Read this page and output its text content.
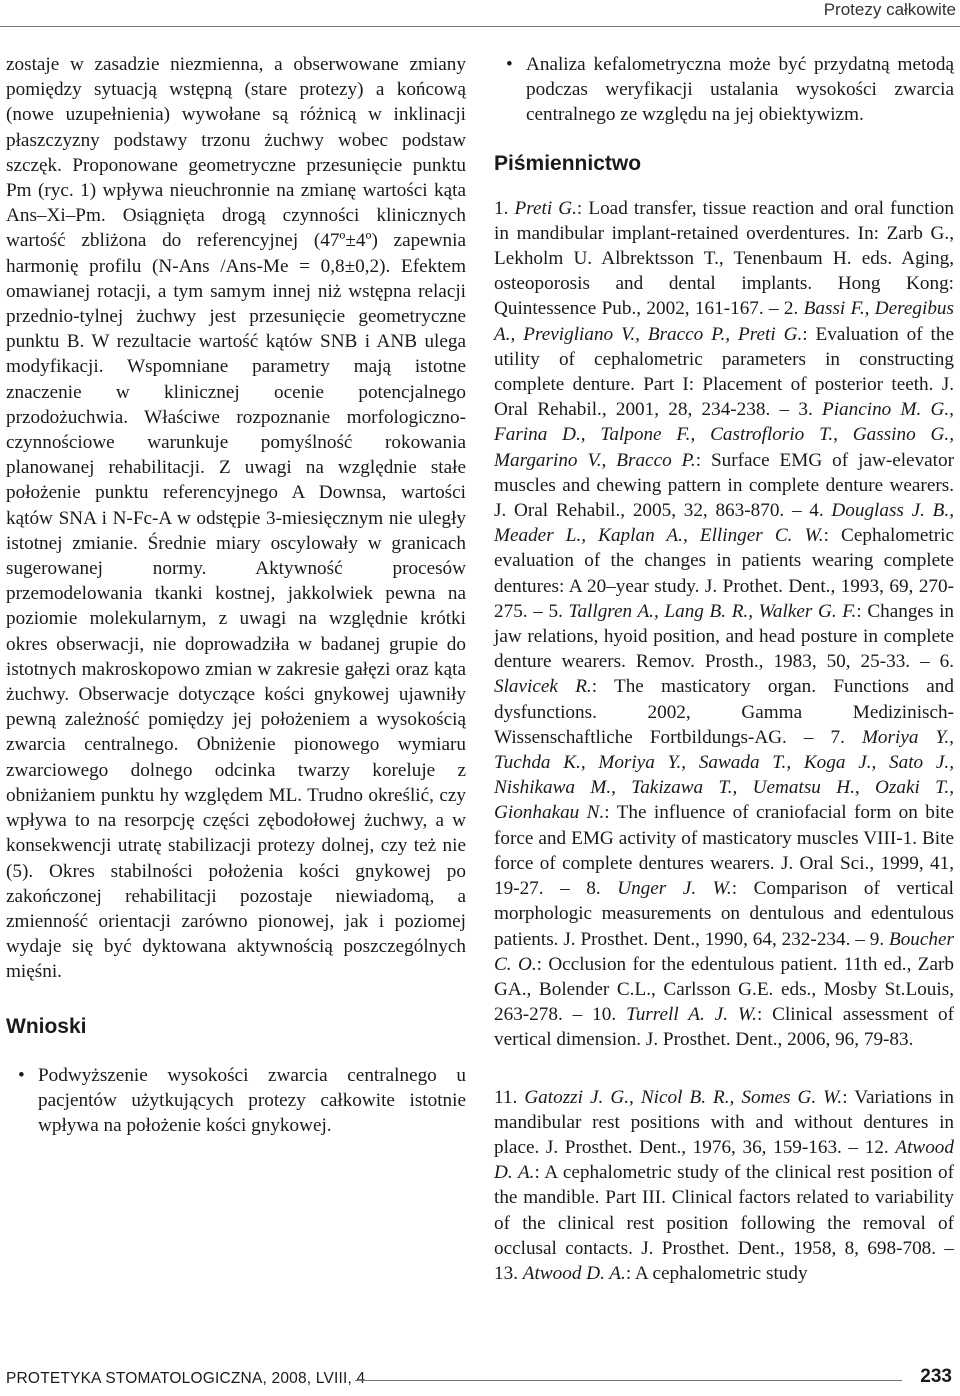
Protezy całkowite

zostaje w zasadzie niezmienna, a obserwowane zmiany pomiędzy sytuacją wstępną (stare protezy) a końcową (nowe uzupełnienia) wywołane są różnicą w inklinacji płaszczyzny podstawy trzonu żuchwy wobec podstaw szczęk. Proponowane geometryczne przesunięcie punktu Pm (ryc. 1) wpływa nieuchronnie na zmianę wartości kąta Ans–Xi–Pm. Osiągnięta drogą czynności klinicznych wartość zbliżona do referencyjnej (47º±4º) zapewnia harmonię profilu (N-Ans /Ans-Me = 0,8±0,2). Efektem omawianej rotacji, a tym samym innej niż wstępna relacji przednio-tylnej żuchwy jest przesunięcie geometryczne punktu B. W rezultacie wartość kątów SNB i ANB ulega modyfikacji. Wspomniane parametry mają istotne znaczenie w klinicznej ocenie potencjalnego przodożuchwia. Właściwe rozpoznanie morfologiczno-czynnościowe warunkuje pomyślność rokowania planowanej rehabilitacji. Z uwagi na względnie stałe położenie punktu referencyjnego A Downsa, wartości kątów SNA i N-Fc-A w odstępie 3-miesięcznym nie uległy istotnej zmianie. Średnie miary oscylowały w granicach sugerowanej normy. Aktywność procesów przemodelowania tkanki kostnej, jakkolwiek pewna na poziomie molekularnym, z uwagi na względnie krótki okres obserwacji, nie doprowadziła w badanej grupie do istotnych makroskopowo zmian w zakresie gałęzi oraz kąta żuchwy. Obserwacje dotyczące kości gnykowej ujawniły pewną zależność pomiędzy jej położeniem a wysokością zwarcia centralnego. Obniżenie pionowego wymiaru zwarciowego dolnego odcinka twarzy koreluje z obniżaniem punktu hy względem ML. Trudno określić, czy wpływa to na resorpcję części zębodołowej żuchwy, a w konsekwencji utratę stabilizacji protezy dolnej, czy też nie (5). Okres stabilności położenia kości gnykowej po zakończonej rehabilitacji pozostaje niewiadomą, a zmienność orientacji zarówno pionowej, jak i poziomej wydaje się być dyktowana aktywnością poszczególnych mięśni.

Wnioski
• Podwyższenie wysokości zwarcia centralnego u pacjentów użytkujących protezy całkowite istotnie wpływa na położenie kości gnykowej.
• Analiza kefalometryczna może być przydatną metodą podczas weryfikacji ustalania wysokości zwarcia centralnego ze względu na jej obiektywizm.
Piśmiennictwo

1. Preti G.: Load transfer, tissue reaction and oral function in mandibular implant-retained overdentures. In: Zarb G., Lekholm U. Albrektsson T., Tenenbaum H. eds. Aging, osteoporosis and dental implants. Hong Kong: Quintessence Pub., 2002, 161-167. – 2. Bassi F., Deregibus A., Previgliano V., Bracco P., Preti G.: Evaluation of the utility of cephalometric parameters in constructing complete denture. Part I: Placement of posterior teeth. J. Oral Rehabil., 2001, 28, 234-238. – 3. Piancino M. G., Farina D., Talpone F., Castroflorio T., Gassino G., Margarino V., Bracco P.: Surface EMG of jaw-elevator muscles and chewing pattern in complete denture wearers. J. Oral Rehabil., 2005, 32, 863-870. – 4. Douglass J. B., Meader L., Kaplan A., Ellinger C. W.: Cephalometric evaluation of the changes in patients wearing complete dentures: A 20–year study. J. Prothet. Dent., 1993, 69, 270-275. – 5. Tallgren A., Lang B. R., Walker G. F.: Changes in jaw relations, hyoid position, and head posture in complete denture wearers. Remov. Prosth., 1983, 50, 25-33. – 6. Slavicek R.: The masticatory organ. Functions and dysfunctions. 2002, Gamma Medizinisch-Wissenschaftliche Fortbildungs-AG. – 7. Moriya Y., Tuchda K., Moriya Y., Sawada T., Koga J., Sato J., Nishikawa M., Takizawa T., Uematsu H., Ozaki T., Gionhakau N.: The influence of craniofacial form on bite force and EMG activity of masticatory muscles VIII-1. Bite force of complete dentures wearers. J. Oral Sci., 1999, 41, 19-27. – 8. Unger J. W.: Comparison of vertical morphologic measurements on dentulous and edentulous patients. J. Prosthet. Dent., 1990, 64, 232-234. – 9. Boucher C. O.: Occlusion for the edentulous patient. 11th ed., Zarb GA., Bolender C.L., Carlsson G.E. eds., Mosby St.Louis, 263-278. – 10. Turrell A. J. W.: Clinical assessment of vertical dimension. J. Prosthet. Dent., 2006, 96, 79-83.

11. Gatozzi J. G., Nicol B. R., Somes G. W.: Variations in mandibular rest positions with and without dentures in place. J. Prosthet. Dent., 1976, 36, 159-163. – 12. Atwood D. A.: A cephalometric study of the clinical rest position of the mandible. Part III. Clinical factors related to variability of the clinical rest position following the removal of occlusal contacts. J. Prosthet. Dent., 1958, 8, 698-708. – 13. Atwood D. A.: A cephalometric study

PROTETYKA STOMATOLOGICZNA, 2008, LVIII, 4	233
